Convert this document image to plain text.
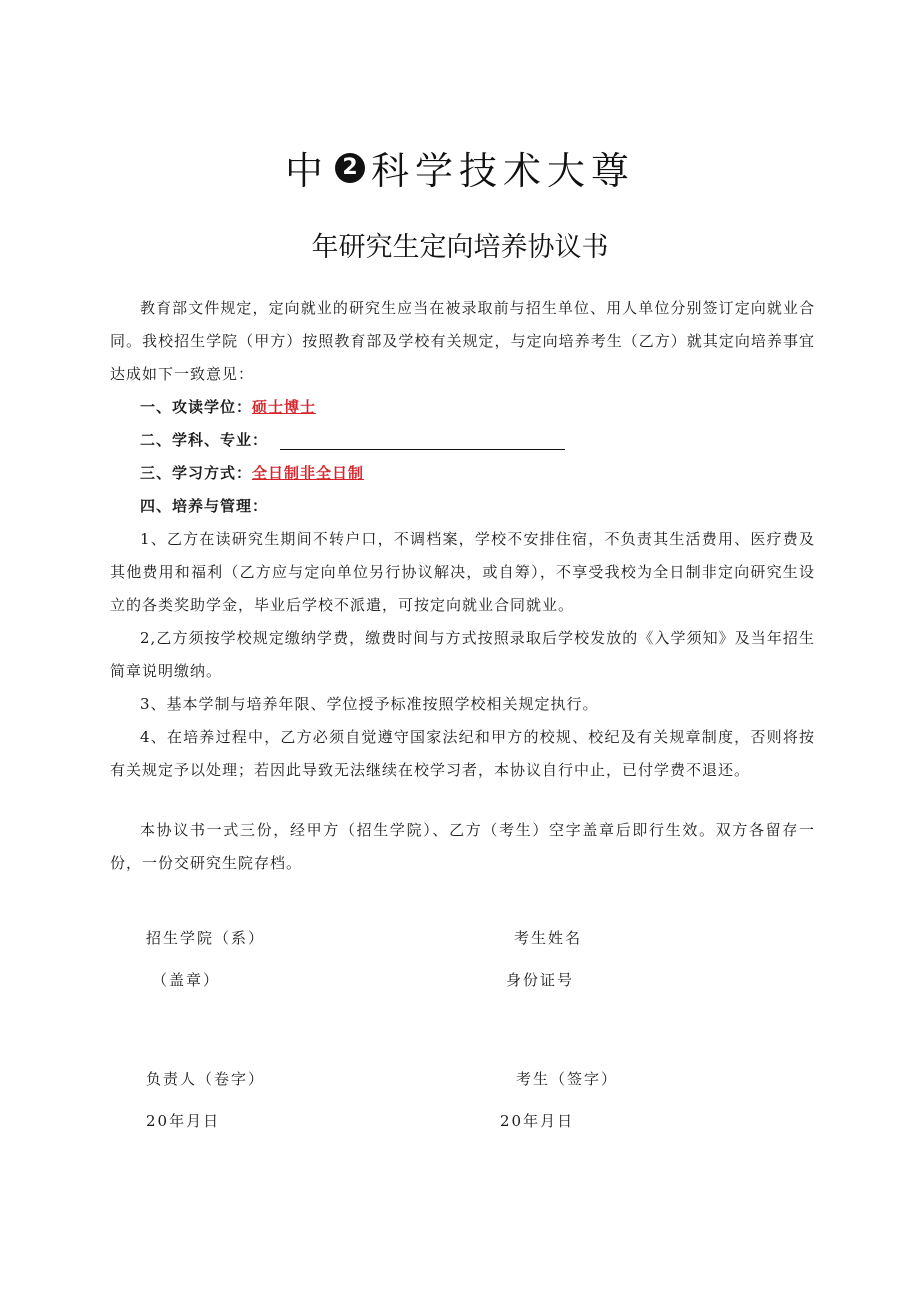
中 2 科学技术大尊
年研究生定向培养协议书

教育部文件规定，定向就业的研究生应当在被录取前与招生单位、用人单位分别签订定向就业合同。我校招生学院（甲方）按照教育部及学校有关规定，与定向培养考生（乙方）就其定向培养事宜达成如下一致意见：

一、攻读学位：硕士博士

二、学科、专业：

三、学习方式：全日制非全日制

四、培养与管理：

1、乙方在读研究生期间不转户口，不调档案，学校不安排住宿，不负责其生活费用、医疗费及其他费用和福利（乙方应与定向单位另行协议解决，或自筹），不享受我校为全日制非定向研究生设立的各类奖助学金，毕业后学校不派遣，可按定向就业合同就业。

2,乙方须按学校规定缴纳学费，缴费时间与方式按照录取后学校发放的《入学须知》及当年招生简章说明缴纳。

3、基本学制与培养年限、学位授予标准按照学校相关规定执行。

4、在培养过程中，乙方必须自觉遵守国家法纪和甲方的校规、校纪及有关规章制度，否则将按有关规定予以处理；若因此导致无法继续在校学习者，本协议自行中止，已付学费不退还。

本协议书一式三份，经甲方（招生学院）、乙方（考生）空字盖章后即行生效。双方各留存一份，一份交研究生院存档。

招生学院（系）
（盖章）
负责人（卷字）
20年月日
考生姓名
身份证号
考生（签字）
20年月日
